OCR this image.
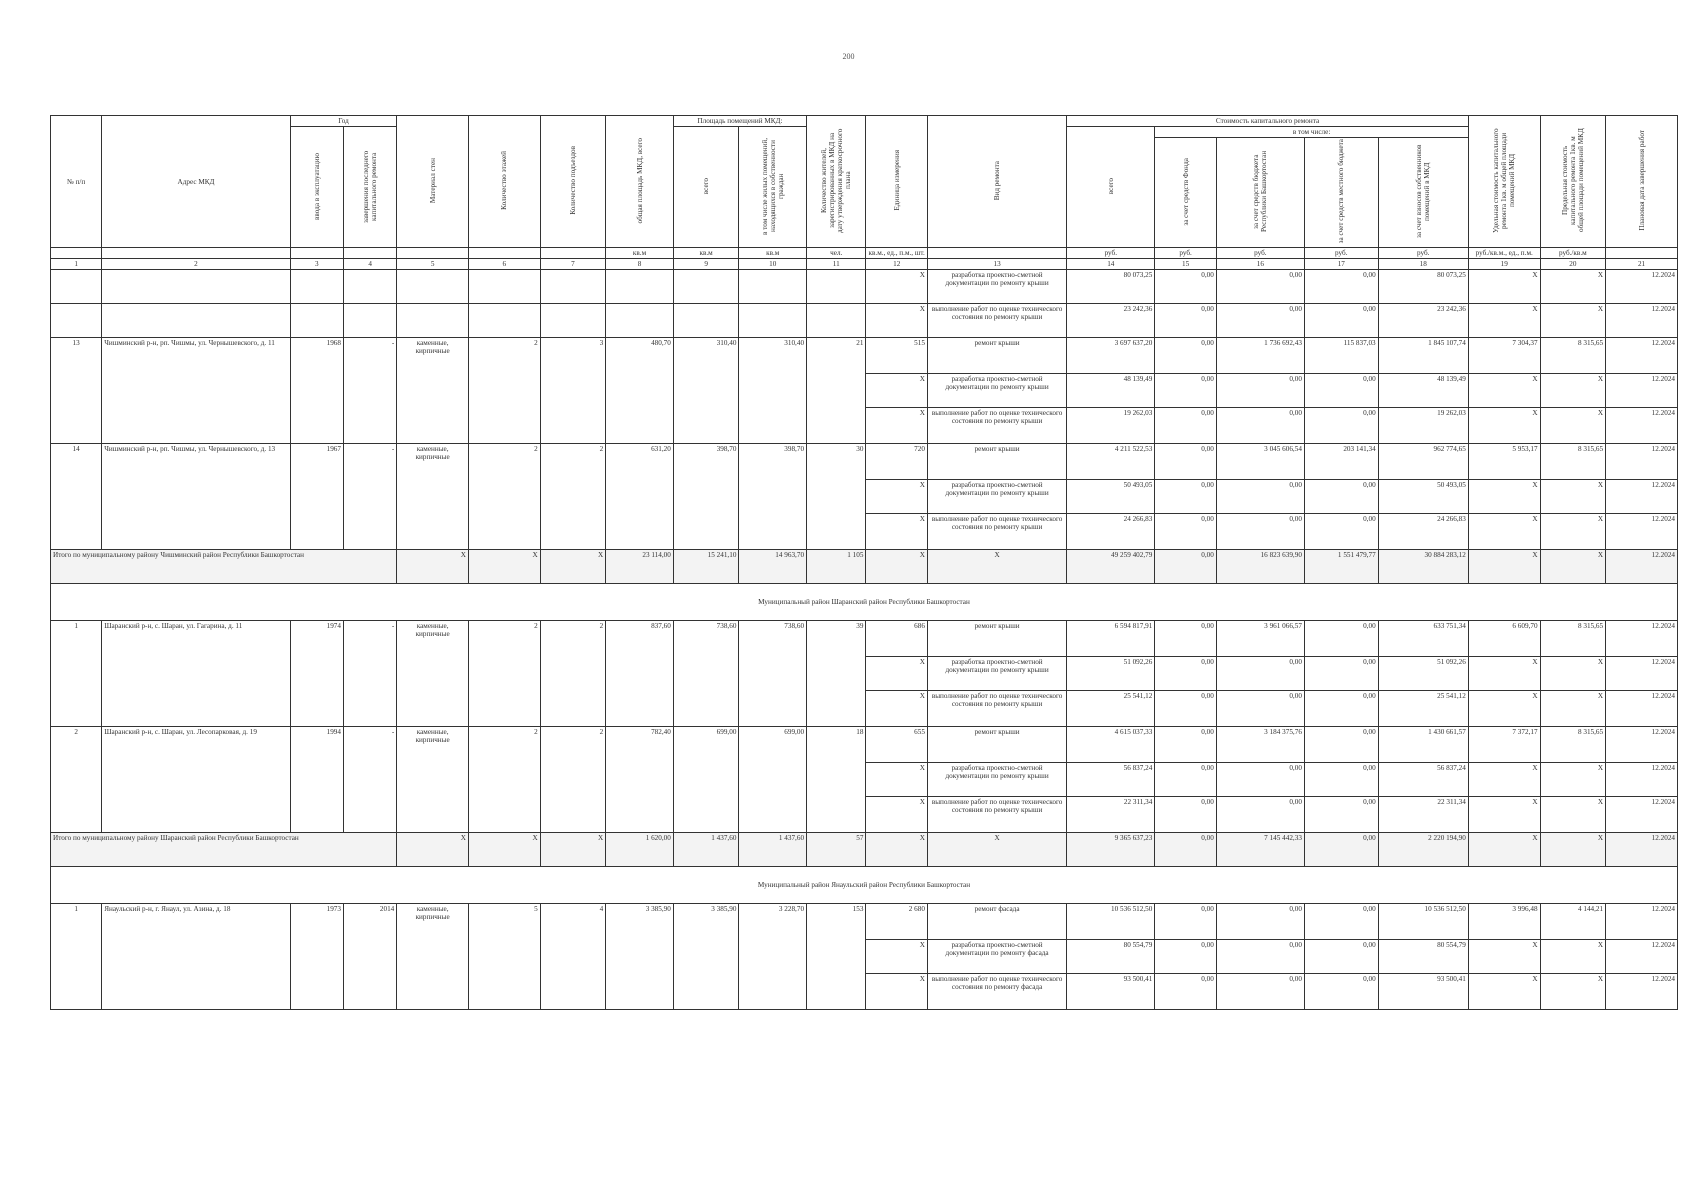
200
№ п/п	Адрес МКД	Год		Материал стен	Количество этажей	Количество подъездов	общая площадь МКД, всего	Площадь помещений МКД:		Количество жителей, зарегистрированных в МКД на дату утверждения краткосрочного плана	Единица измерения	Вид ремонта	Стоимость капитального ремонта					Удельная стоимость капитального ремонта 1кв. м общей площади помещений МКД	Предельная стоимость капитального ремонта 1кв. м общей площади помещений МКД	Плановая дата завершения работ
		ввода в эксплуатацию	завершения последнего капитального ремонта					всего	в том числе жилых помещений, находящихся в собственности граждан				всего	в том числе:						
														за счет средств Фонда	за счет средств бюджета Республики Башкортостан	за счет средств местного бюджета	за счет взносов собственников помещений в МКД			
							кв.м	кв.м	кв.м	чел.	кв.м., ед., п.м., шт.		руб.	руб.	руб.	руб.	руб.	руб./кв.м., ед., п.м.	руб./кв.м	
1	2	3	4	5	6	7	8	9	10	11	12	13	14	15	16	17	18	19	20	21
											X	разработка проектно-сметной документации по ремонту крыши	80 073,25	0,00	0,00	0,00	80 073,25	X	X	12.2024
											X	выполнение работ по оценке технического состояния по ремонту крыши	23 242,36	0,00	0,00	0,00	23 242,36	X	X	12.2024
13	Чишминский р-н, рп. Чишмы, ул. Чернышевского, д. 11	1968	-	каменные, кирпичные	2	3	480,70	310,40	310,40	21	515	ремонт крыши	3 697 637,20	0,00	1 736 692,43	115 837,03	1 845 107,74	7 304,37	8 315,65	12.2024
											X	разработка проектно-сметной документации по ремонту крыши	48 139,49	0,00	0,00	0,00	48 139,49	X	X	12.2024
											X	выполнение работ по оценке технического состояния по ремонту крыши	19 262,03	0,00	0,00	0,00	19 262,03	X	X	12.2024
14	Чишминский р-н, рп. Чишмы, ул. Чернышевского, д. 13	1967	-	каменные, кирпичные	2	2	631,20	398,70	398,70	30	720	ремонт крыши	4 211 522,53	0,00	3 045 606,54	203 141,34	962 774,65	5 953,17	8 315,65	12.2024
											X	разработка проектно-сметной документации по ремонту крыши	50 493,05	0,00	0,00	0,00	50 493,05	X	X	12.2024
											X	выполнение работ по оценке технического состояния по ремонту крыши	24 266,83	0,00	0,00	0,00	24 266,83	X	X	12.2024
Итого по муниципальному району Чишминский район Республики Башкортостан				X	X	X	23 114,00	15 241,10	14 963,70	1 105	X	X	49 259 402,79	0,00	16 823 639,90	1 551 479,77	30 884 283,12	X	X	12.2024
Муниципальный район Шаранский район Республики Башкортостан																				
1	Шаранский р-н, с. Шаран, ул. Гагарина, д. 11	1974	-	каменные, кирпичные	2	2	837,60	738,60	738,60	39	686	ремонт крыши	6 594 817,91	0,00	3 961 066,57	0,00	633 751,34	6 609,70	8 315,65	12.2024
											X	разработка проектно-сметной документации по ремонту крыши	51 092,26	0,00	0,00	0,00	51 092,26	X	X	12.2024
											X	выполнение работ по оценке технического состояния по ремонту крыши	25 541,12	0,00	0,00	0,00	25 541,12	X	X	12.2024
2	Шаранский р-н, с. Шаран, ул. Лесопарковая, д. 19	1994	-	каменные, кирпичные	2	2	782,40	699,00	699,00	18	655	ремонт крыши	4 615 037,33	0,00	3 184 375,76	0,00	1 430 661,57	7 372,17	8 315,65	12.2024
											X	разработка проектно-сметной документации по ремонту крыши	56 837,24	0,00	0,00	0,00	56 837,24	X	X	12.2024
											X	выполнение работ по оценке технического состояния по ремонту крыши	22 311,34	0,00	0,00	0,00	22 311,34	X	X	12.2024
Итого по муниципальному району Шаранский район Республики Башкортостан				X	X	X	1 620,00	1 437,60	1 437,60	57	X	X	9 365 637,23	0,00	7 145 442,33	0,00	2 220 194,90	X	X	12.2024
Муниципальный район Янаульский район Республики Башкортостан																				
1	Янаульский р-н, г. Янаул, ул. Азина, д. 18	1973	2014	каменные, кирпичные	5	4	3 385,90	3 385,90	3 228,70	153	2 680	ремонт фасада	10 536 512,50	0,00	0,00	0,00	10 536 512,50	3 996,48	4 144,21	12.2024
											X	разработка проектно-сметной документации по ремонту фасада	80 554,79	0,00	0,00	0,00	80 554,79	X	X	12.2024
											X	выполнение работ по оценке технического состояния по ремонту фасада	93 500,41	0,00	0,00	0,00	93 500,41	X	X	12.2024
